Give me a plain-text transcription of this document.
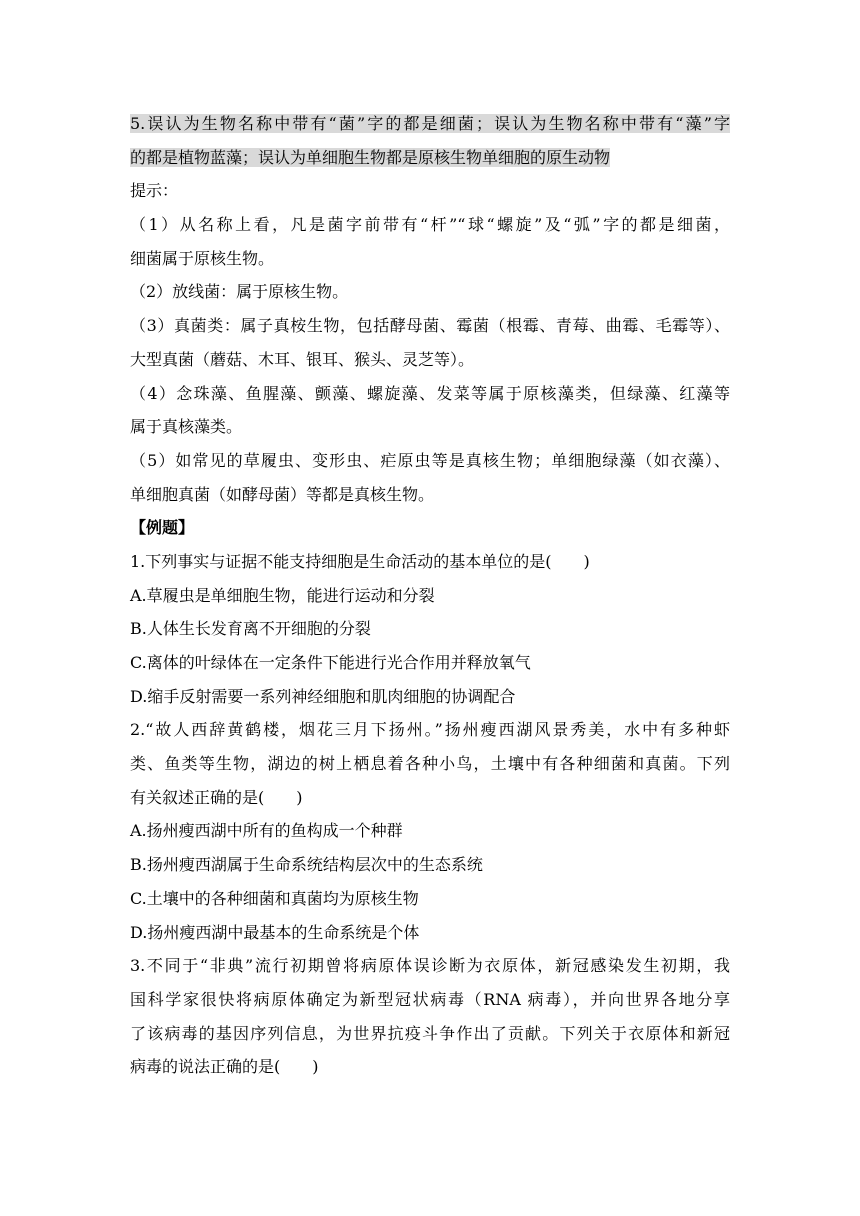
5.误认为生物名称中带有“菌”字的都是细菌；误认为生物名称中带有“藻”字
的都是植物蓝藻；误认为单细胞生物都是原核生物单细胞的原生动物
提示：
（1）从名称上看，凡是菌字前带有“杆”“球“螺旋”及“弧”字的都是细菌，
细菌属于原核生物。
（2）放线菌：属于原核生物。
（3）真菌类：属子真桉生物，包括酵母菌、霉菌（根霉、青莓、曲霉、毛霉等）、
大型真菌（蘑菇、木耳、银耳、猴头、灵芝等）。
（4）念珠藻、鱼腥藻、颤藻、螺旋藻、发菜等属于原核藻类，但绿藻、红藻等
属于真核藻类。
（5）如常见的草履虫、变形虫、疟原虫等是真核生物；单细胞绿藻（如衣藻）、
单细胞真菌（如酵母菌）等都是真核生物。
【例题】
1.下列事实与证据不能支持细胞是生命活动的基本单位的是(　　)
A.草履虫是单细胞生物，能进行运动和分裂
B.人体生长发育离不开细胞的分裂
C.离体的叶绿体在一定条件下能进行光合作用并释放氧气
D.缩手反射需要一系列神经细胞和肌肉细胞的协调配合
2.“故人西辞黄鹤楼，烟花三月下扬州。”扬州瘦西湖风景秀美，水中有多种虾
类、鱼类等生物，湖边的树上栖息着各种小鸟，土壤中有各种细菌和真菌。下列
有关叙述正确的是(　　)
A.扬州瘦西湖中所有的鱼构成一个种群
B.扬州瘦西湖属于生命系统结构层次中的生态系统
C.土壤中的各种细菌和真菌均为原核生物
D.扬州瘦西湖中最基本的生命系统是个体
3.不同于“非典”流行初期曾将病原体误诊断为衣原体，新冠感染发生初期，我
国科学家很快将病原体确定为新型冠状病毒（RNA 病毒），并向世界各地分享
了该病毒的基因序列信息，为世界抗疫斗争作出了贡献。下列关于衣原体和新冠
病毒的说法正确的是(　　)
